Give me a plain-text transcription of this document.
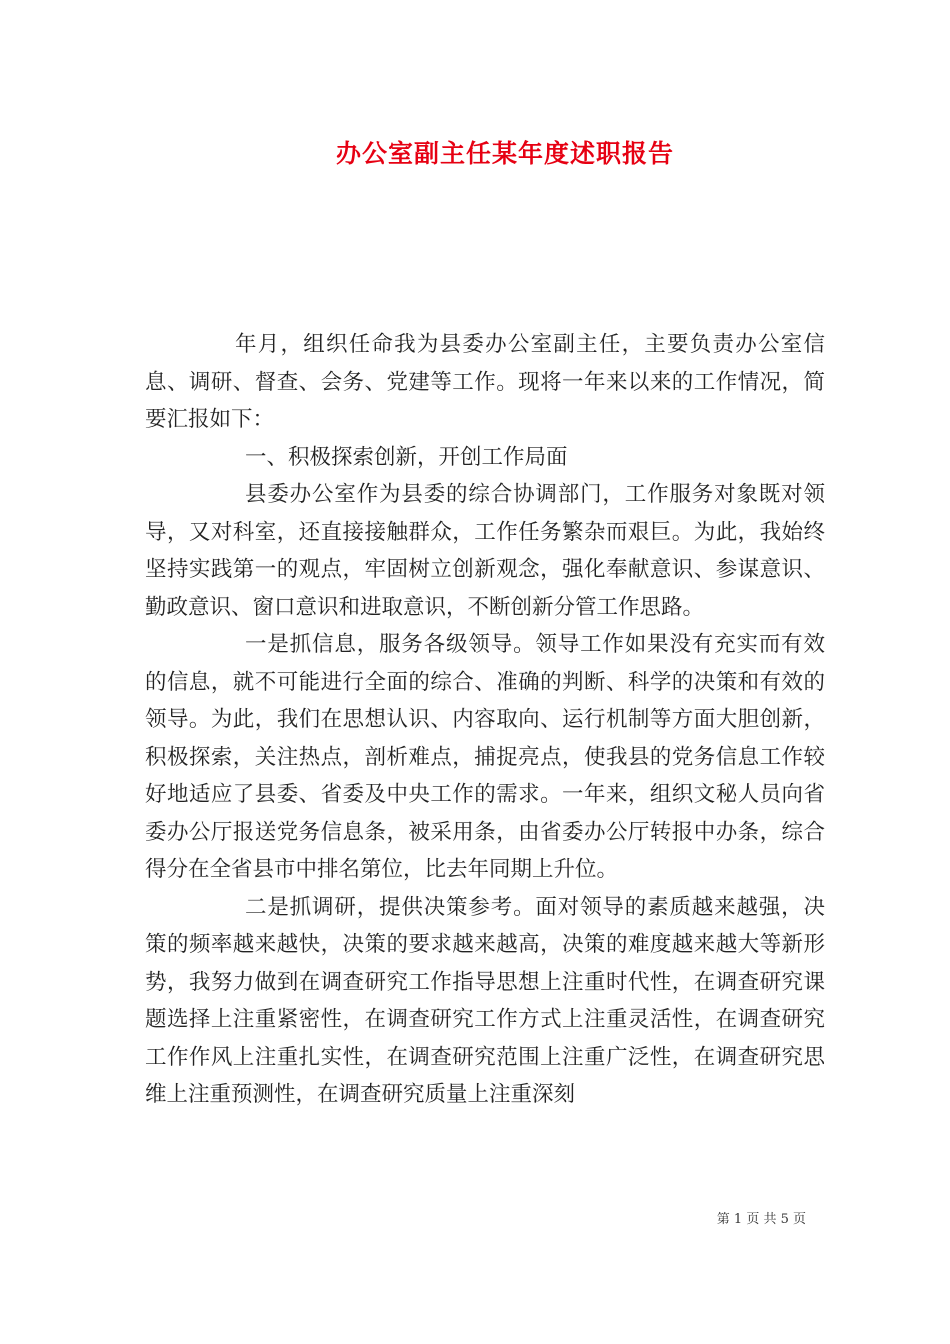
办公室副主任某年度述职报告

年月，组织任命我为县委办公室副主任，主要负责办公室信息、调研、督查、会务、党建等工作。现将一年来以来的工作情况，简要汇报如下：

一、积极探索创新，开创工作局面

县委办公室作为县委的综合协调部门，工作服务对象既对领导，又对科室，还直接接触群众，工作任务繁杂而艰巨。为此，我始终坚持实践第一的观点，牢固树立创新观念，强化奉献意识、参谋意识、勤政意识、窗口意识和进取意识，不断创新分管工作思路。

一是抓信息，服务各级领导。领导工作如果没有充实而有效的信息，就不可能进行全面的综合、准确的判断、科学的决策和有效的领导。为此，我们在思想认识、内容取向、运行机制等方面大胆创新，积极探索，关注热点，剖析难点，捕捉亮点，使我县的党务信息工作较好地适应了县委、省委及中央工作的需求。一年来，组织文秘人员向省委办公厅报送党务信息条，被采用条，由省委办公厅转报中办条，综合得分在全省县市中排名第位，比去年同期上升位。

二是抓调研，提供决策参考。面对领导的素质越来越强，决策的频率越来越快，决策的要求越来越高，决策的难度越来越大等新形势，我努力做到在调查研究工作指导思想上注重时代性，在调查研究课题选择上注重紧密性，在调查研究工作方式上注重灵活性，在调查研究工作作风上注重扎实性，在调查研究范围上注重广泛性，在调查研究思维上注重预测性，在调查研究质量上注重深刻

第 1 页 共 5 页
